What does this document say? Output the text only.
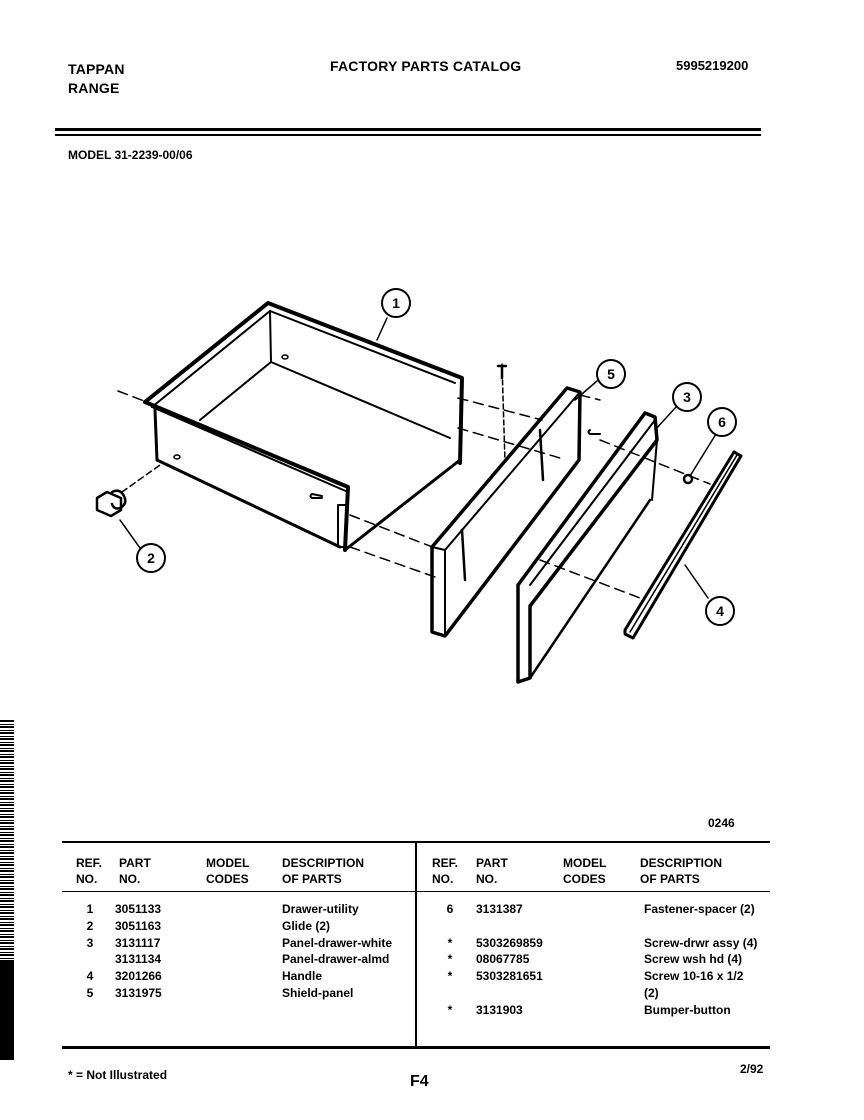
TAPPAN
RANGE
FACTORY PARTS CATALOG	5995219200
MODEL 31-2239-00/06
1
2
3
4
5
6
0246
REF.
NO.
PART
NO.
MODEL
CODES
DESCRIPTION
OF PARTS
REF.
NO.
PART
NO.
MODEL
CODES
DESCRIPTION
OF PARTS
1
2
3
4
5
3051133
3051163
3131117
3131134
3201266
3131975
Drawer-utility
Glide (2)
Panel-drawer-white
Panel-drawer-almd
Handle
Shield-panel
6
*
*
*
*
3131387
5303269859
08067785
5303281651
3131903
Fastener-spacer (2)
Screw-drwr assy (4)
Screw wsh hd (4)
Screw 10-16 x 1/2
(2)
Bumper-button
* = Not Illustrated	F4
2/92
